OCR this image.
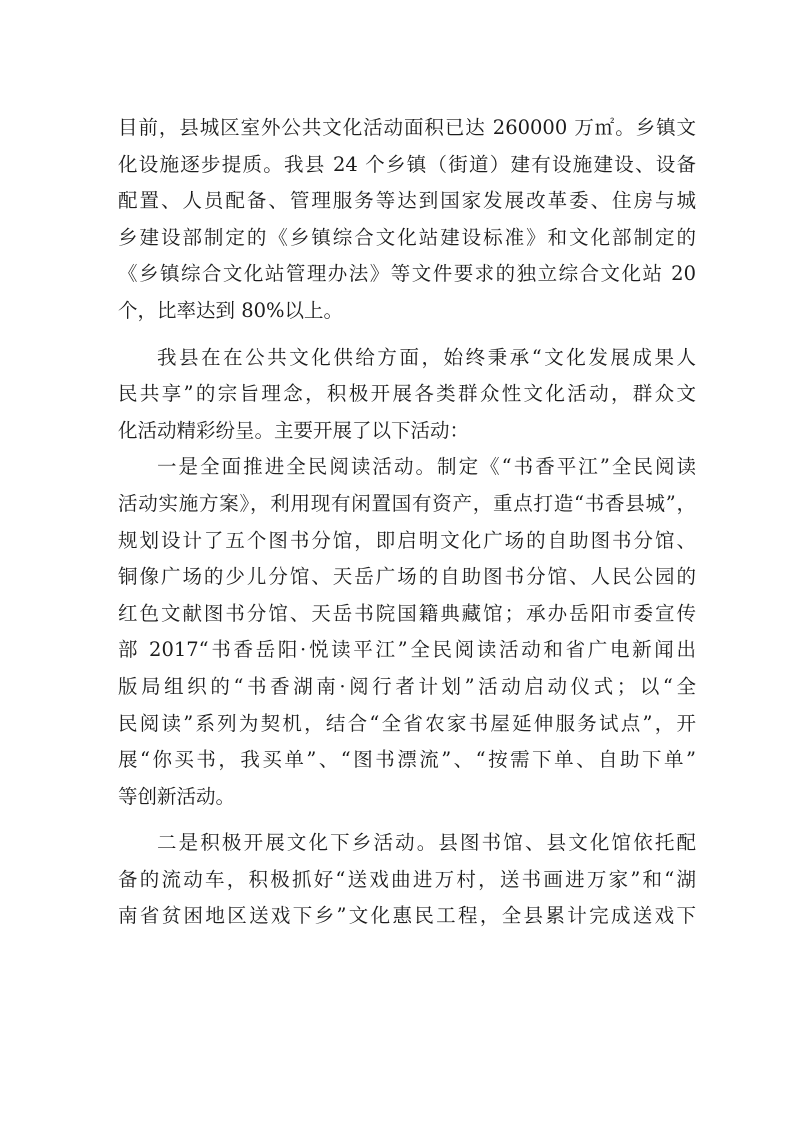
目前，县城区室外公共文化活动面积已达 260000 万㎡。乡镇文
化设施逐步提质。我县 24 个乡镇（街道）建有设施建设、设备
配置、人员配备、管理服务等达到国家发展改革委、住房与城
乡建设部制定的《乡镇综合文化站建设标准》和文化部制定的
《乡镇综合文化站管理办法》等文件要求的独立综合文化站 20
个，比率达到 80%以上。
我县在在公共文化供给方面，始终秉承“文化发展成果人
民共享”的宗旨理念，积极开展各类群众性文化活动，群众文
化活动精彩纷呈。主要开展了以下活动：
一是全面推进全民阅读活动。制定《“书香平江”全民阅读
活动实施方案》，利用现有闲置国有资产，重点打造“书香县城”，
规划设计了五个图书分馆，即启明文化广场的自助图书分馆、
铜像广场的少儿分馆、天岳广场的自助图书分馆、人民公园的
红色文献图书分馆、天岳书院国籍典藏馆；承办岳阳市委宣传
部 2017“书香岳阳·悦读平江”全民阅读活动和省广电新闻出
版局组织的“书香湖南·阅行者计划”活动启动仪式；以“全
民阅读”系列为契机，结合“全省农家书屋延伸服务试点”，开
展“你买书，我买单”、“图书漂流”、“按需下单、自助下单”
等创新活动。
二是积极开展文化下乡活动。县图书馆、县文化馆依托配
备的流动车，积极抓好“送戏曲进万村，送书画进万家”和“湖
南省贫困地区送戏下乡”文化惠民工程，全县累计完成送戏下
